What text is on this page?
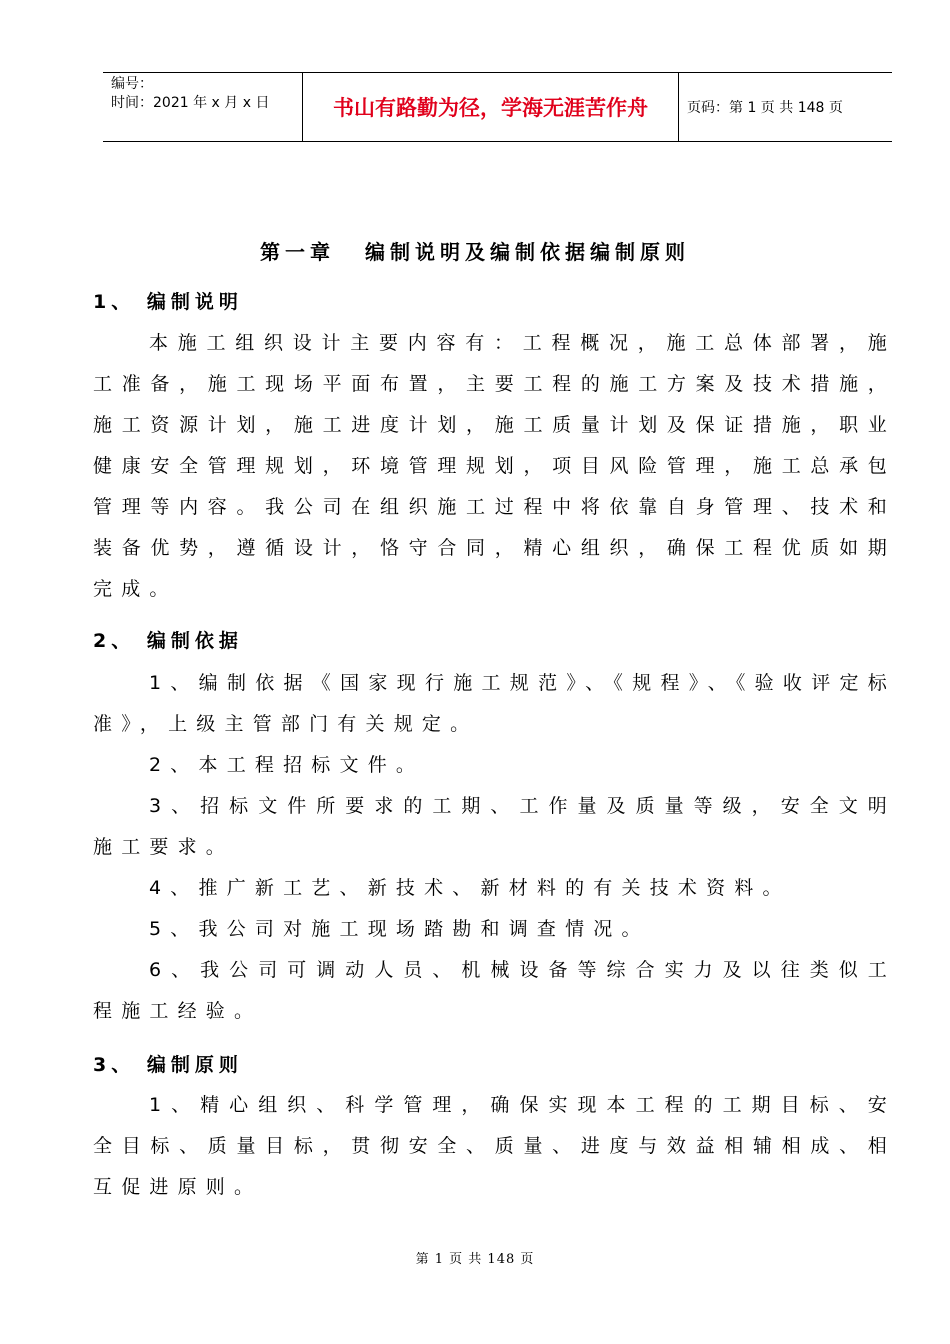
编号：
时间：2021 年 x 月 x 日	书山有路勤为径，学海无涯苦作舟	页码：第 1 页 共 148 页
第一章 编制说明及编制依据编制原则
1、 编制说明
本施工组织设计主要内容有：工程概况，施工总体部署，施工准备，施工现场平面布置，主要工程的施工方案及技术措施，施工资源计划，施工进度计划，施工质量计划及保证措施，职业健康安全管理规划，环境管理规划，项目风险管理，施工总承包管理等内容。我公司在组织施工过程中将依靠自身管理、技术和装备优势，遵循设计，恪守合同，精心组织，确保工程优质如期完成。
2、 编制依据
1、编制依据《国家现行施工规范》、《规程》、《验收评定标准》，上级主管部门有关规定。
2、本工程招标文件。
3、招标文件所要求的工期、工作量及质量等级，安全文明施工要求。
4、推广新工艺、新技术、新材料的有关技术资料。
5、我公司对施工现场踏勘和调查情况。
6、我公司可调动人员、机械设备等综合实力及以往类似工程施工经验。
3、 编制原则
1、精心组织、科学管理，确保实现本工程的工期目标、安全目标、质量目标，贯彻安全、质量、进度与效益相辅相成、相互促进原则。
第 1 页 共 148 页
